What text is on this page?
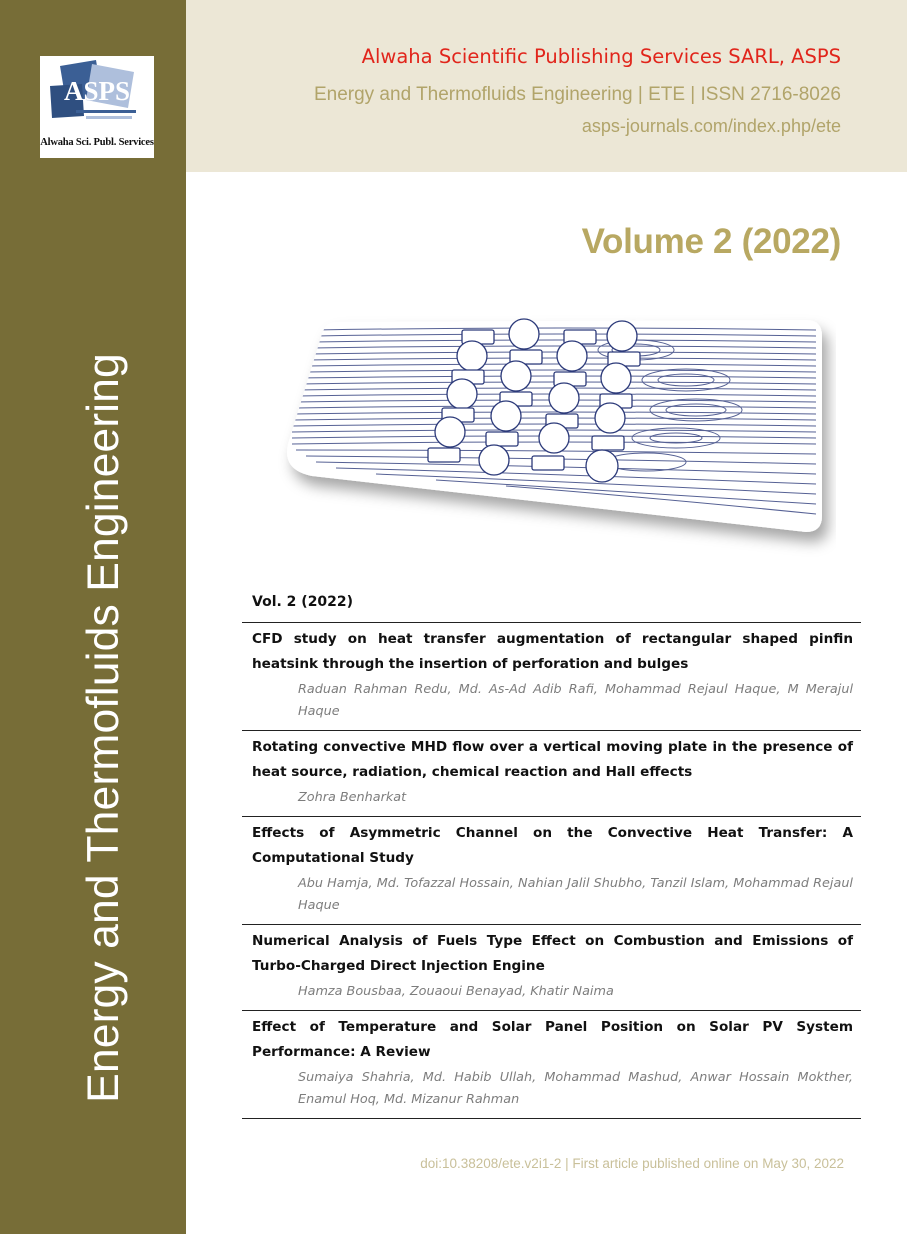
ASPS
Alwaha Sci. Publ. Services
Energy and Thermofluids Engineering
Alwaha Scientific Publishing Services SARL, ASPS
Energy and Thermofluids Engineering | ETE | ISSN 2716-8026
asps-journals.com/index.php/ete
Volume 2 (2022)
Vol. 2 (2022)
CFD study on heat transfer augmentation of rectangular shaped pinfin heatsink through the insertion of perforation and bulges
Raduan Rahman Redu, Md. As-Ad Adib Rafi, Mohammad Rejaul Haque, M Merajul Haque
Rotating convective MHD flow over a vertical moving plate in the presence of heat source, radiation, chemical reaction and Hall effects
Zohra Benharkat
Effects of Asymmetric Channel on the Convective Heat Transfer: A Computational Study
Abu Hamja, Md. Tofazzal Hossain, Nahian Jalil Shubho, Tanzil Islam, Mohammad Rejaul Haque
Numerical Analysis of Fuels Type Effect on Combustion and Emissions of Turbo-Charged Direct Injection Engine
Hamza Bousbaa, Zouaoui Benayad, Khatir Naima
Effect of Temperature and Solar Panel Position on Solar PV System Performance: A Review
Sumaiya Shahria, Md. Habib Ullah, Mohammad Mashud, Anwar Hossain Mokther, Enamul Hoq, Md. Mizanur Rahman
doi:10.38208/ete.v2i1-2 | First article published online on May 30, 2022
